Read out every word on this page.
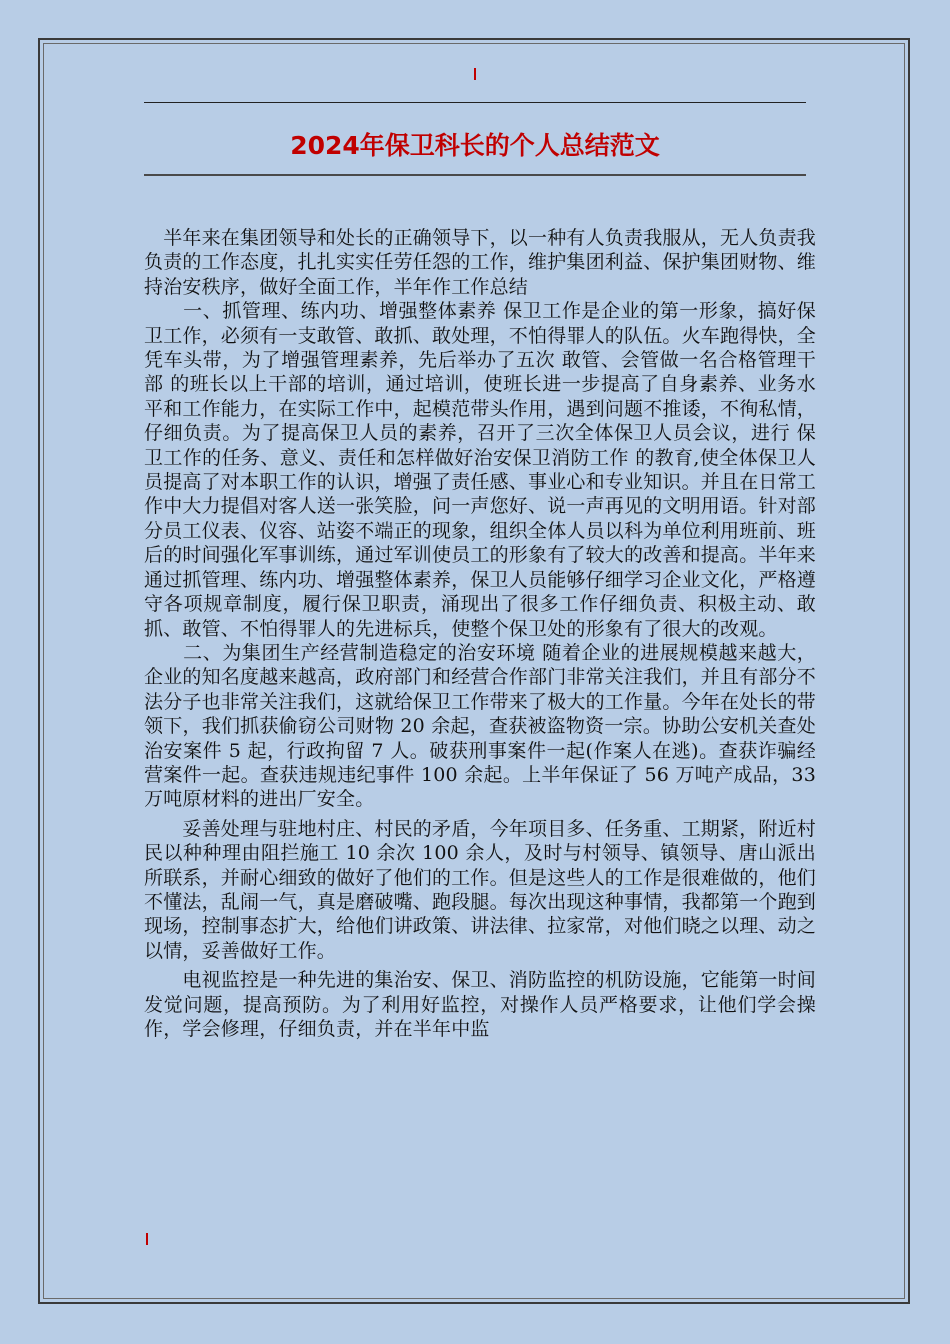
2024年保卫科长的个人总结范文

　半年来在集团领导和处长的正确领导下，以一种有人负责我服从，无人负责我负责的工作态度，扎扎实实任劳任怨的工作，维护集团利益、保护集团财物、维持治安秩序，做好全面工作，半年作工作总结

　　一、抓管理、练内功、增强整体素养 保卫工作是企业的第一形象，搞好保卫工作，必须有一支敢管、敢抓、敢处理，不怕得罪人的队伍。火车跑得快，全凭车头带，为了增强管理素养，先后举办了五次 敢管、会管做一名合格管理干部 的班长以上干部的培训，通过培训，使班长进一步提高了自身素养、业务水平和工作能力，在实际工作中，起模范带头作用，遇到问题不推诿，不徇私情，仔细负责。为了提高保卫人员的素养，召开了三次全体保卫人员会议，进行 保卫工作的任务、意义、责任和怎样做好治安保卫消防工作 的教育,使全体保卫人员提高了对本职工作的认识，增强了责任感、事业心和专业知识。并且在日常工作中大力提倡对客人送一张笑脸，问一声您好、说一声再见的文明用语。针对部分员工仪表、仪容、站姿不端正的现象，组织全体人员以科为单位利用班前、班后的时间强化军事训练，通过军训使员工的形象有了较大的改善和提高。半年来通过抓管理、练内功、增强整体素养，保卫人员能够仔细学习企业文化，严格遵守各项规章制度，履行保卫职责，涌现出了很多工作仔细负责、积极主动、敢抓、敢管、不怕得罪人的先进标兵，使整个保卫处的形象有了很大的改观。

　　二、为集团生产经营制造稳定的治安环境 随着企业的进展规模越来越大，企业的知名度越来越高，政府部门和经营合作部门非常关注我们，并且有部分不法分子也非常关注我们，这就给保卫工作带来了极大的工作量。今年在处长的带领下，我们抓获偷窃公司财物 20 余起，查获被盗物资一宗。协助公安机关查处治安案件 5 起，行政拘留 7 人。破获刑事案件一起(作案人在逃)。查获诈骗经营案件一起。查获违规违纪事件 100 余起。上半年保证了 56 万吨产成品，33 万吨原材料的进出厂安全。

　　妥善处理与驻地村庄、村民的矛盾，今年项目多、任务重、工期紧，附近村民以种种理由阻拦施工 10 余次 100 余人，及时与村领导、镇领导、唐山派出所联系，并耐心细致的做好了他们的工作。但是这些人的工作是很难做的，他们不懂法，乱闹一气，真是磨破嘴、跑段腿。每次出现这种事情，我都第一个跑到现场，控制事态扩大，给他们讲政策、讲法律、拉家常，对他们晓之以理、动之以情，妥善做好工作。

　　电视监控是一种先进的集治安、保卫、消防监控的机防设施，它能第一时间发觉问题，提高预防。为了利用好监控，对操作人员严格要求，让他们学会操作，学会修理，仔细负责，并在半年中监
